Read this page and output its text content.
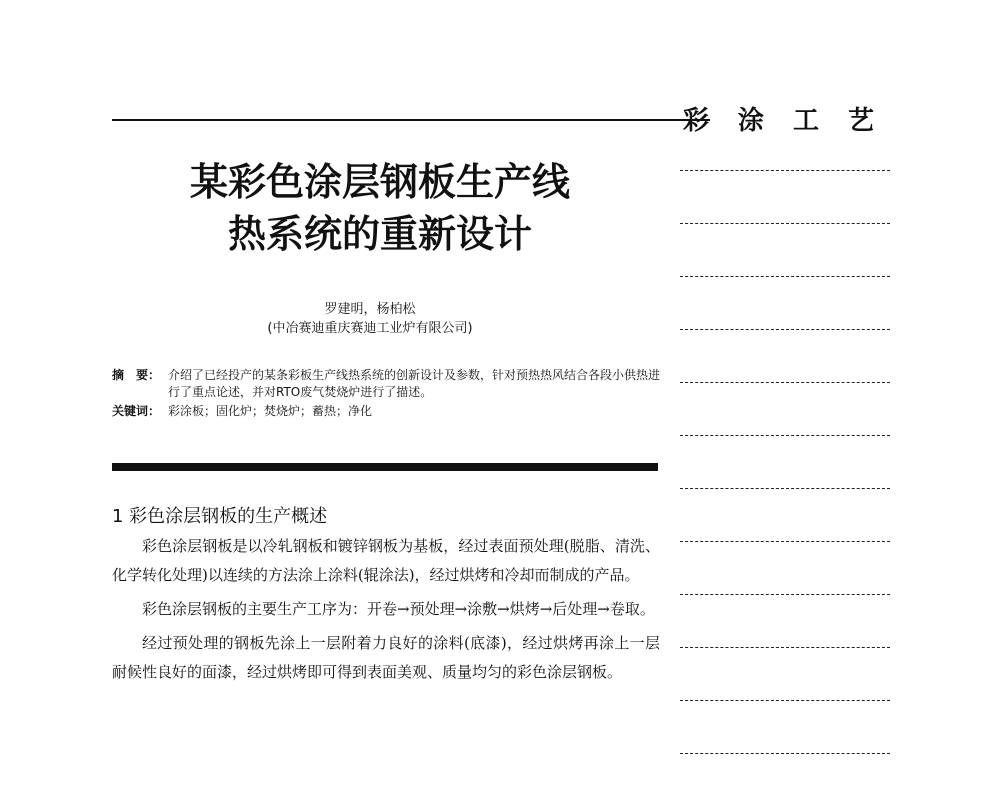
彩 涂 工 艺
某彩色涂层钢板生产线
热系统的重新设计
罗建明，杨柏松
(中冶赛迪重庆赛迪工业炉有限公司)
摘　要： 介绍了已经投产的某条彩板生产线热系统的创新设计及参数，针对预热热风结合各段小供热进行了重点论述，并对RTO废气焚烧炉进行了描述。
关键词： 彩涂板；固化炉；焚烧炉；蓄热；净化
1 彩色涂层钢板的生产概述

彩色涂层钢板是以冷轧钢板和镀锌钢板为基板，经过表面预处理(脱脂、清洗、化学转化处理)以连续的方法涂上涂料(辊涂法)，经过烘烤和冷却而制成的产品。

彩色涂层钢板的主要生产工序为：开卷→预处理→涂敷→烘烤→后处理→卷取。

经过预处理的钢板先涂上一层附着力良好的涂料(底漆)，经过烘烤再涂上一层耐候性良好的面漆，经过烘烤即可得到表面美观、质量均匀的彩色涂层钢板。
